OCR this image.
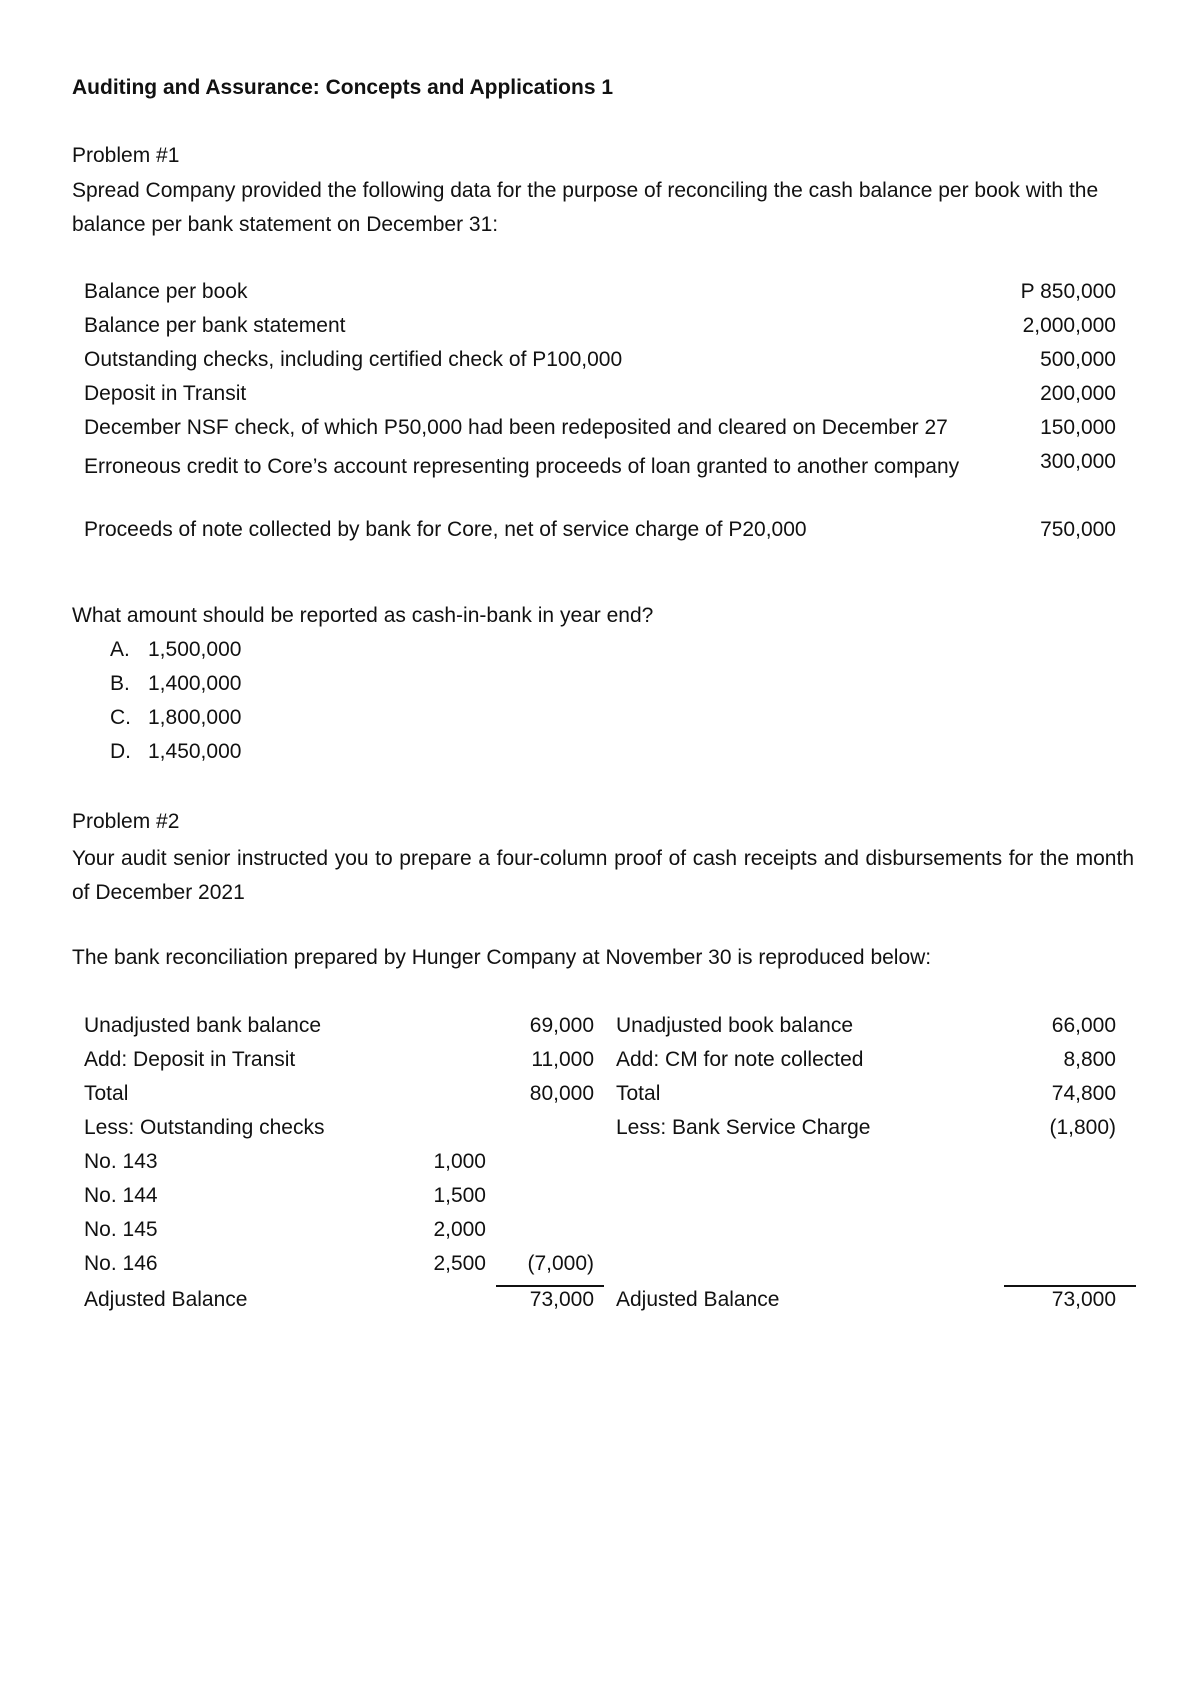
Auditing and Assurance: Concepts and Applications 1
Problem #1
Spread Company provided the following data for the purpose of reconciling the cash balance per book with the balance per bank statement on December 31:
Balance per book	P 850,000
Balance per bank statement	2,000,000
Outstanding checks, including certified check of P100,000	500,000
Deposit in Transit	200,000
December NSF check, of which P50,000 had been redeposited and cleared on December 27	150,000
Erroneous credit to Core’s account representing proceeds of loan granted to another company	300,000
Proceeds of note collected by bank for Core, net of service charge of P20,000	750,000
What amount should be reported as cash-in-bank in year end?
A. 1,500,000
B. 1,400,000
C. 1,800,000
D. 1,450,000
Problem #2
Your audit senior instructed you to prepare a four-column proof of cash receipts and disbursements for the month of December 2021
The bank reconciliation prepared by Hunger Company at November 30 is reproduced below:
Unadjusted bank balance	69,000
Add: Deposit in Transit	11,000
Total	80,000
Less: Outstanding checks
No. 143	1,000
No. 144	1,500
No. 145	2,000
No. 146	2,500 (7,000)
Adjusted Balance	73,000
Unadjusted book balance	66,000
Add: CM for note collected	8,800
Total	74,800
Less: Bank Service Charge	(1,800)
Adjusted Balance	73,000
